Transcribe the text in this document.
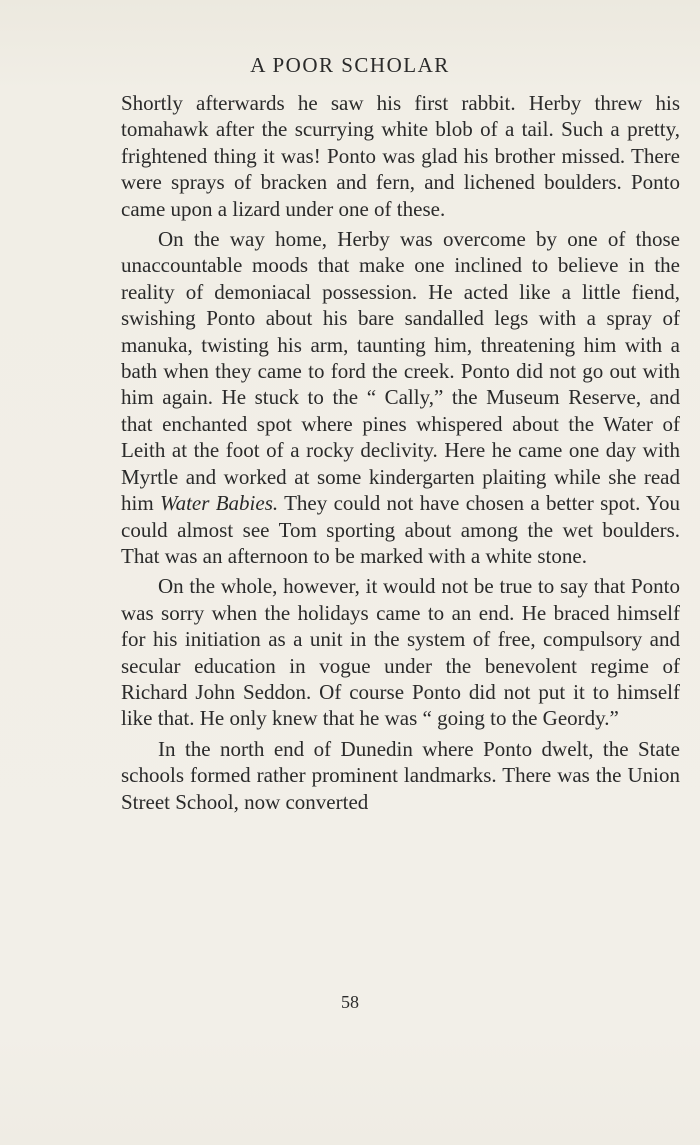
A POOR SCHOLAR

Shortly afterwards he saw his first rabbit. Herby threw his tomahawk after the scurrying white blob of a tail. Such a pretty, frightened thing it was! Ponto was glad his brother missed. There were sprays of bracken and fern, and lichened boulders. Ponto came upon a lizard under one of these.

On the way home, Herby was overcome by one of those unaccountable moods that make one inclined to believe in the reality of demoniacal possession. He acted like a little fiend, swishing Ponto about his bare sandalled legs with a spray of manuka, twisting his arm, taunting him, threatening him with a bath when they came to ford the creek. Ponto did not go out with him again. He stuck to the “ Cally,” the Museum Reserve, and that enchanted spot where pines whispered about the Water of Leith at the foot of a rocky declivity. Here he came one day with Myrtle and worked at some kindergarten plaiting while she read him Water Babies. They could not have chosen a better spot. You could almost see Tom sporting about among the wet boulders. That was an afternoon to be marked with a white stone.

On the whole, however, it would not be true to say that Ponto was sorry when the holidays came to an end. He braced himself for his initiation as a unit in the system of free, compulsory and secular education in vogue under the benevolent regime of Richard John Seddon. Of course Ponto did not put it to himself like that. He only knew that he was “ going to the Geordy.”

In the north end of Dunedin where Ponto dwelt, the State schools formed rather prominent landmarks. There was the Union Street School, now converted

58
